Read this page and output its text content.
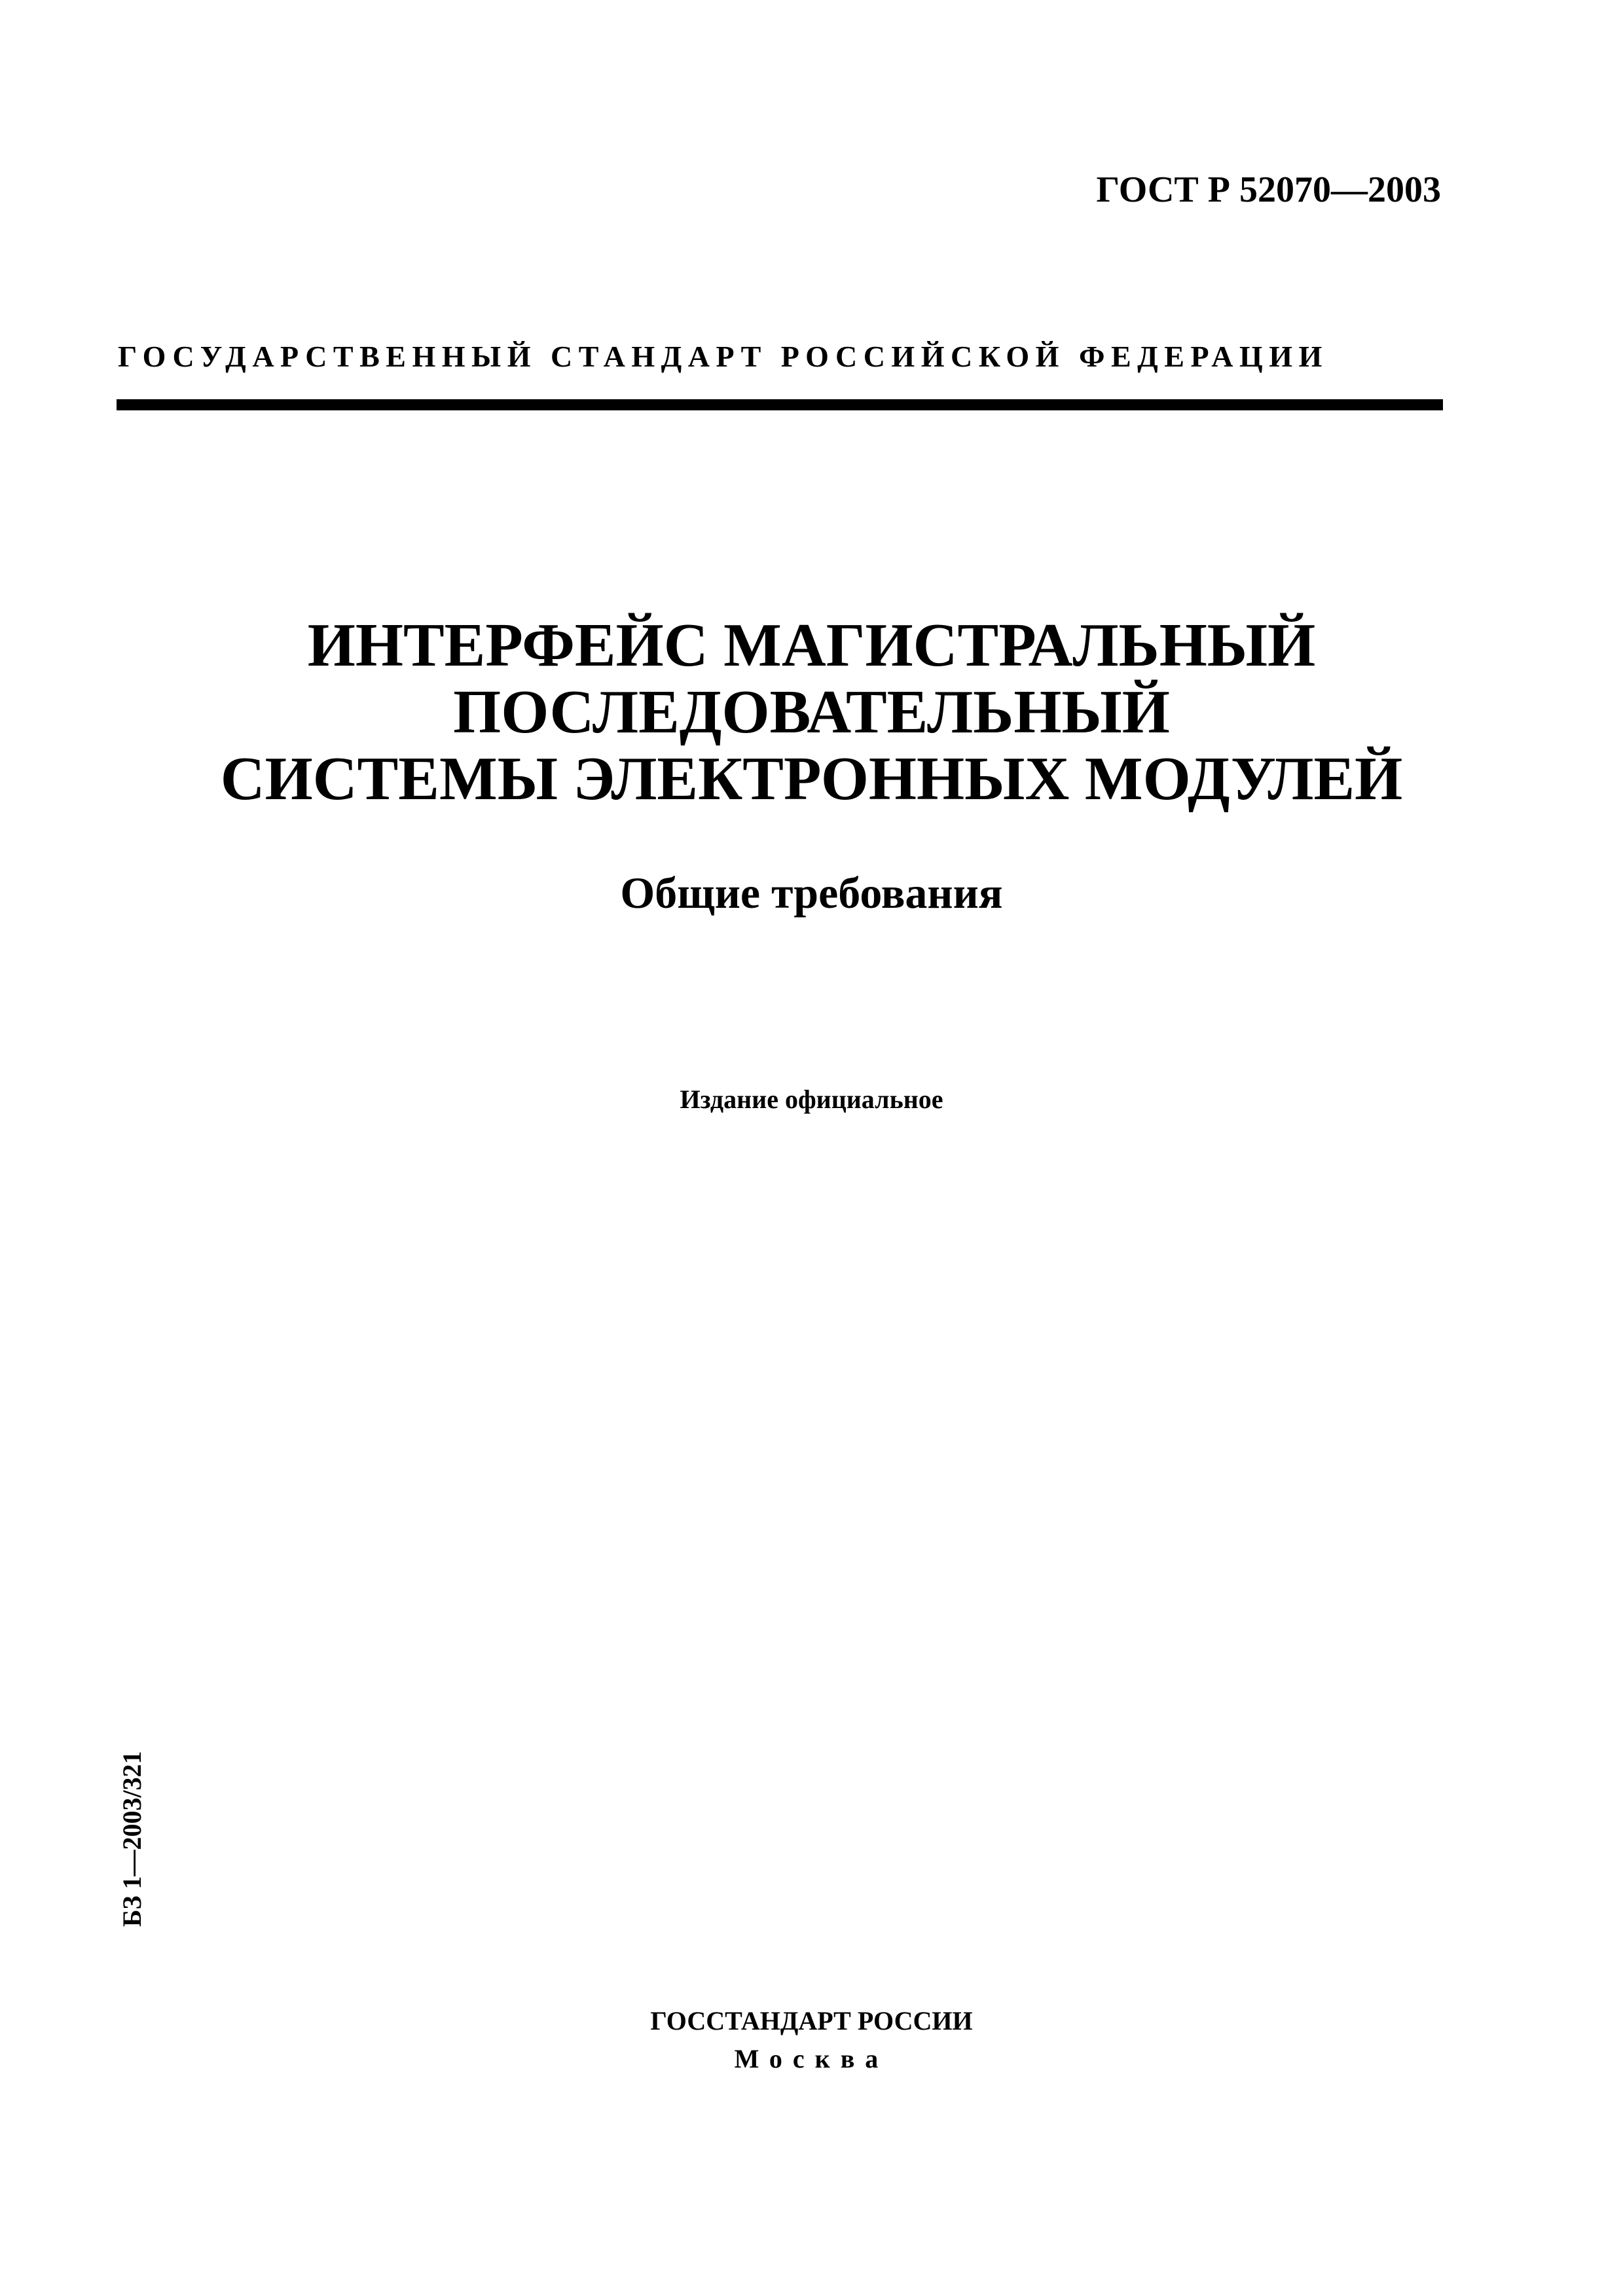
ГОСТ Р 52070—2003
ГОСУДАРСТВЕННЫЙ СТАНДАРТ РОССИЙСКОЙ ФЕДЕРАЦИИ
ИНТЕРФЕЙС МАГИСТРАЛЬНЫЙ
ПОСЛЕДОВАТЕЛЬНЫЙ
СИСТЕМЫ ЭЛЕКТРОННЫХ МОДУЛЕЙ
Общие требования
Издание официальное
БЗ 1—2003/321
ГОССТАНДАРТ РОССИИ
Москва
